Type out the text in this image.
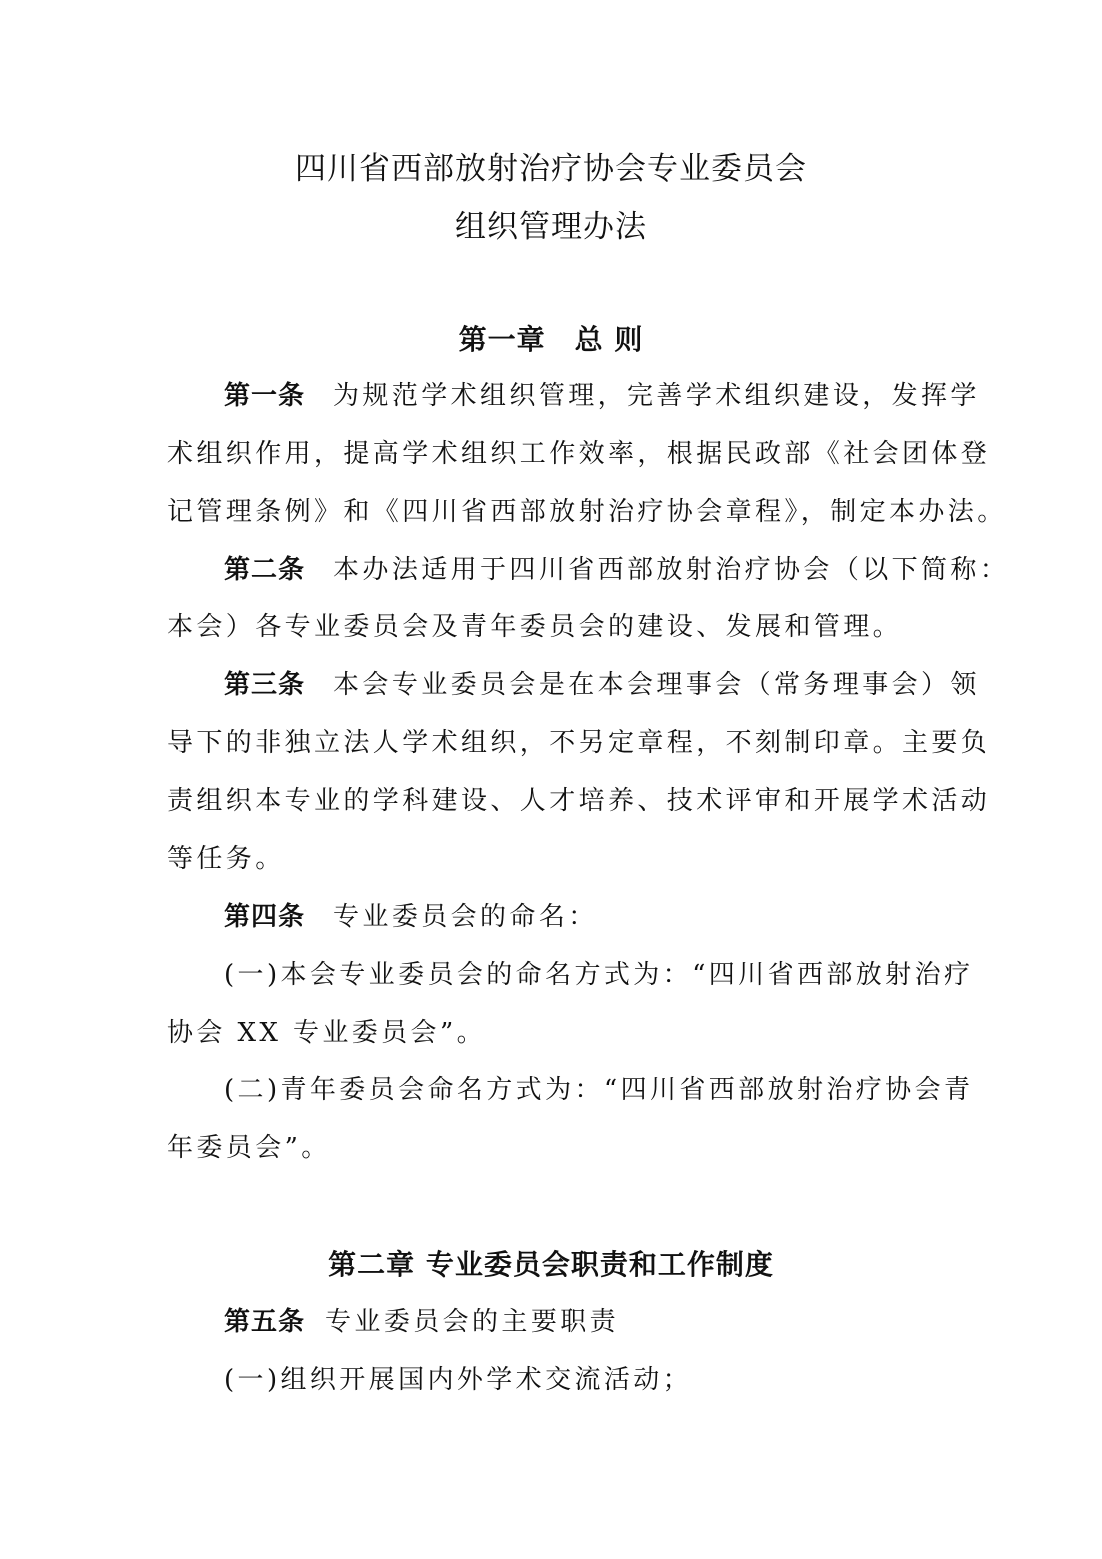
四川省西部放射治疗协会专业委员会
组织管理办法
第一章　总 则
第一条 为规范学术组织管理，完善学术组织建设，发挥学
术组织作用，提高学术组织工作效率，根据民政部《社会团体登
记管理条例》和《四川省西部放射治疗协会章程》，制定本办法。
第二条 本办法适用于四川省西部放射治疗协会（以下简称：
本会）各专业委员会及青年委员会的建设、发展和管理。
第三条 本会专业委员会是在本会理事会（常务理事会）领
导下的非独立法人学术组织，不另定章程，不刻制印章。主要负
责组织本专业的学科建设、人才培养、技术评审和开展学术活动
等任务。
第四条 专业委员会的命名：
(一)本会专业委员会的命名方式为：“四川省西部放射治疗
协会 XX 专业委员会”。
(二)青年委员会命名方式为：“四川省西部放射治疗协会青
年委员会”。
第二章 专业委员会职责和工作制度
第五条 专业委员会的主要职责
(一)组织开展国内外学术交流活动；
